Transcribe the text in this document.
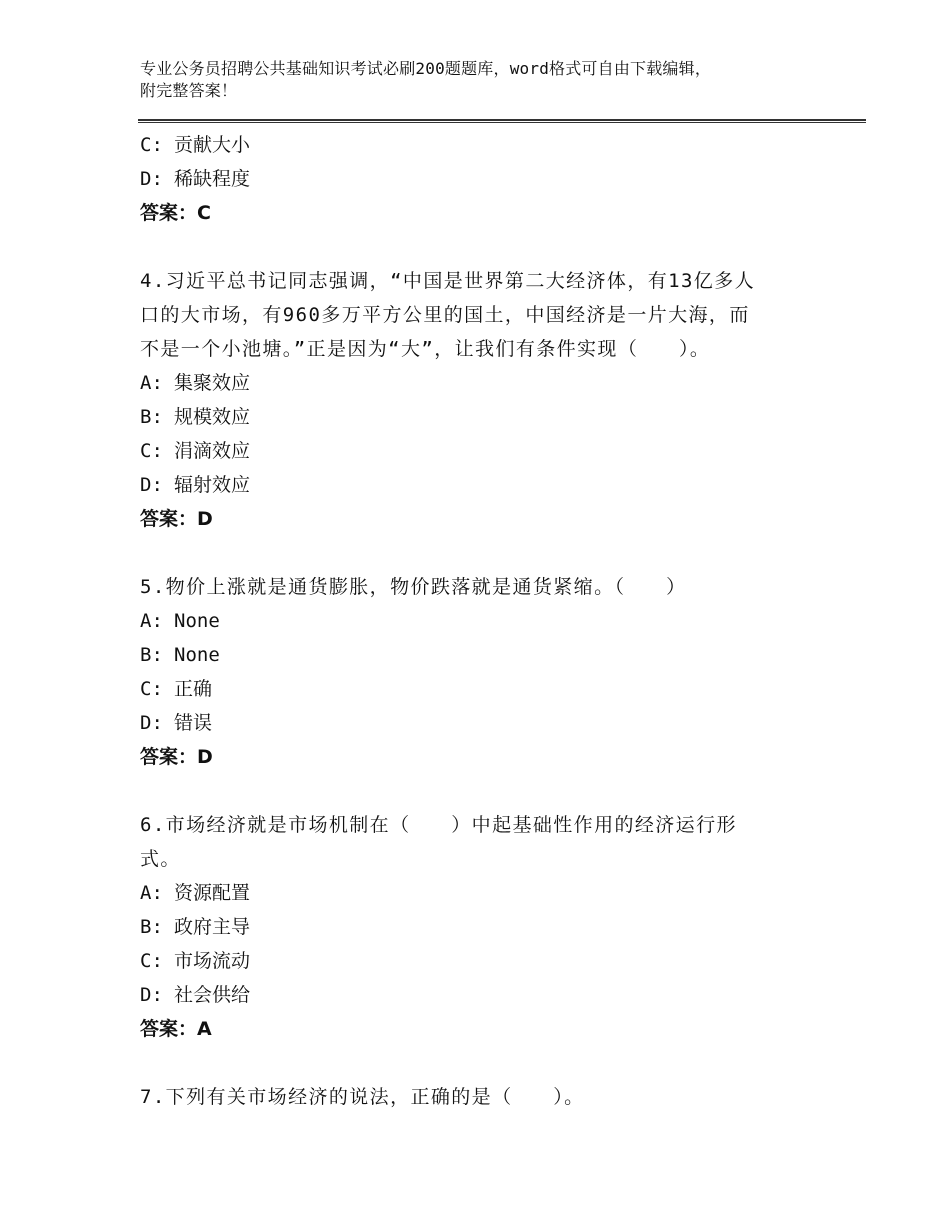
专业公务员招聘公共基础知识考试必刷200题题库，word格式可自由下载编辑，
附完整答案！
C: 贡献大小
D: 稀缺程度
答案：C
4.习近平总书记同志强调，“中国是世界第二大经济体，有13亿多人
口的大市场，有960多万平方公里的国土，中国经济是一片大海，而
不是一个小池塘。”正是因为“大”，让我们有条件实现（　　）。
A: 集聚效应
B: 规模效应
C: 涓滴效应
D: 辐射效应
答案：D
5.物价上涨就是通货膨胀，物价跌落就是通货紧缩。（　　）
A: None
B: None
C: 正确
D: 错误
答案：D
6.市场经济就是市场机制在（　　）中起基础性作用的经济运行形
式。
A: 资源配置
B: 政府主导
C: 市场流动
D: 社会供给
答案：A
7.下列有关市场经济的说法，正确的是（　　）。
